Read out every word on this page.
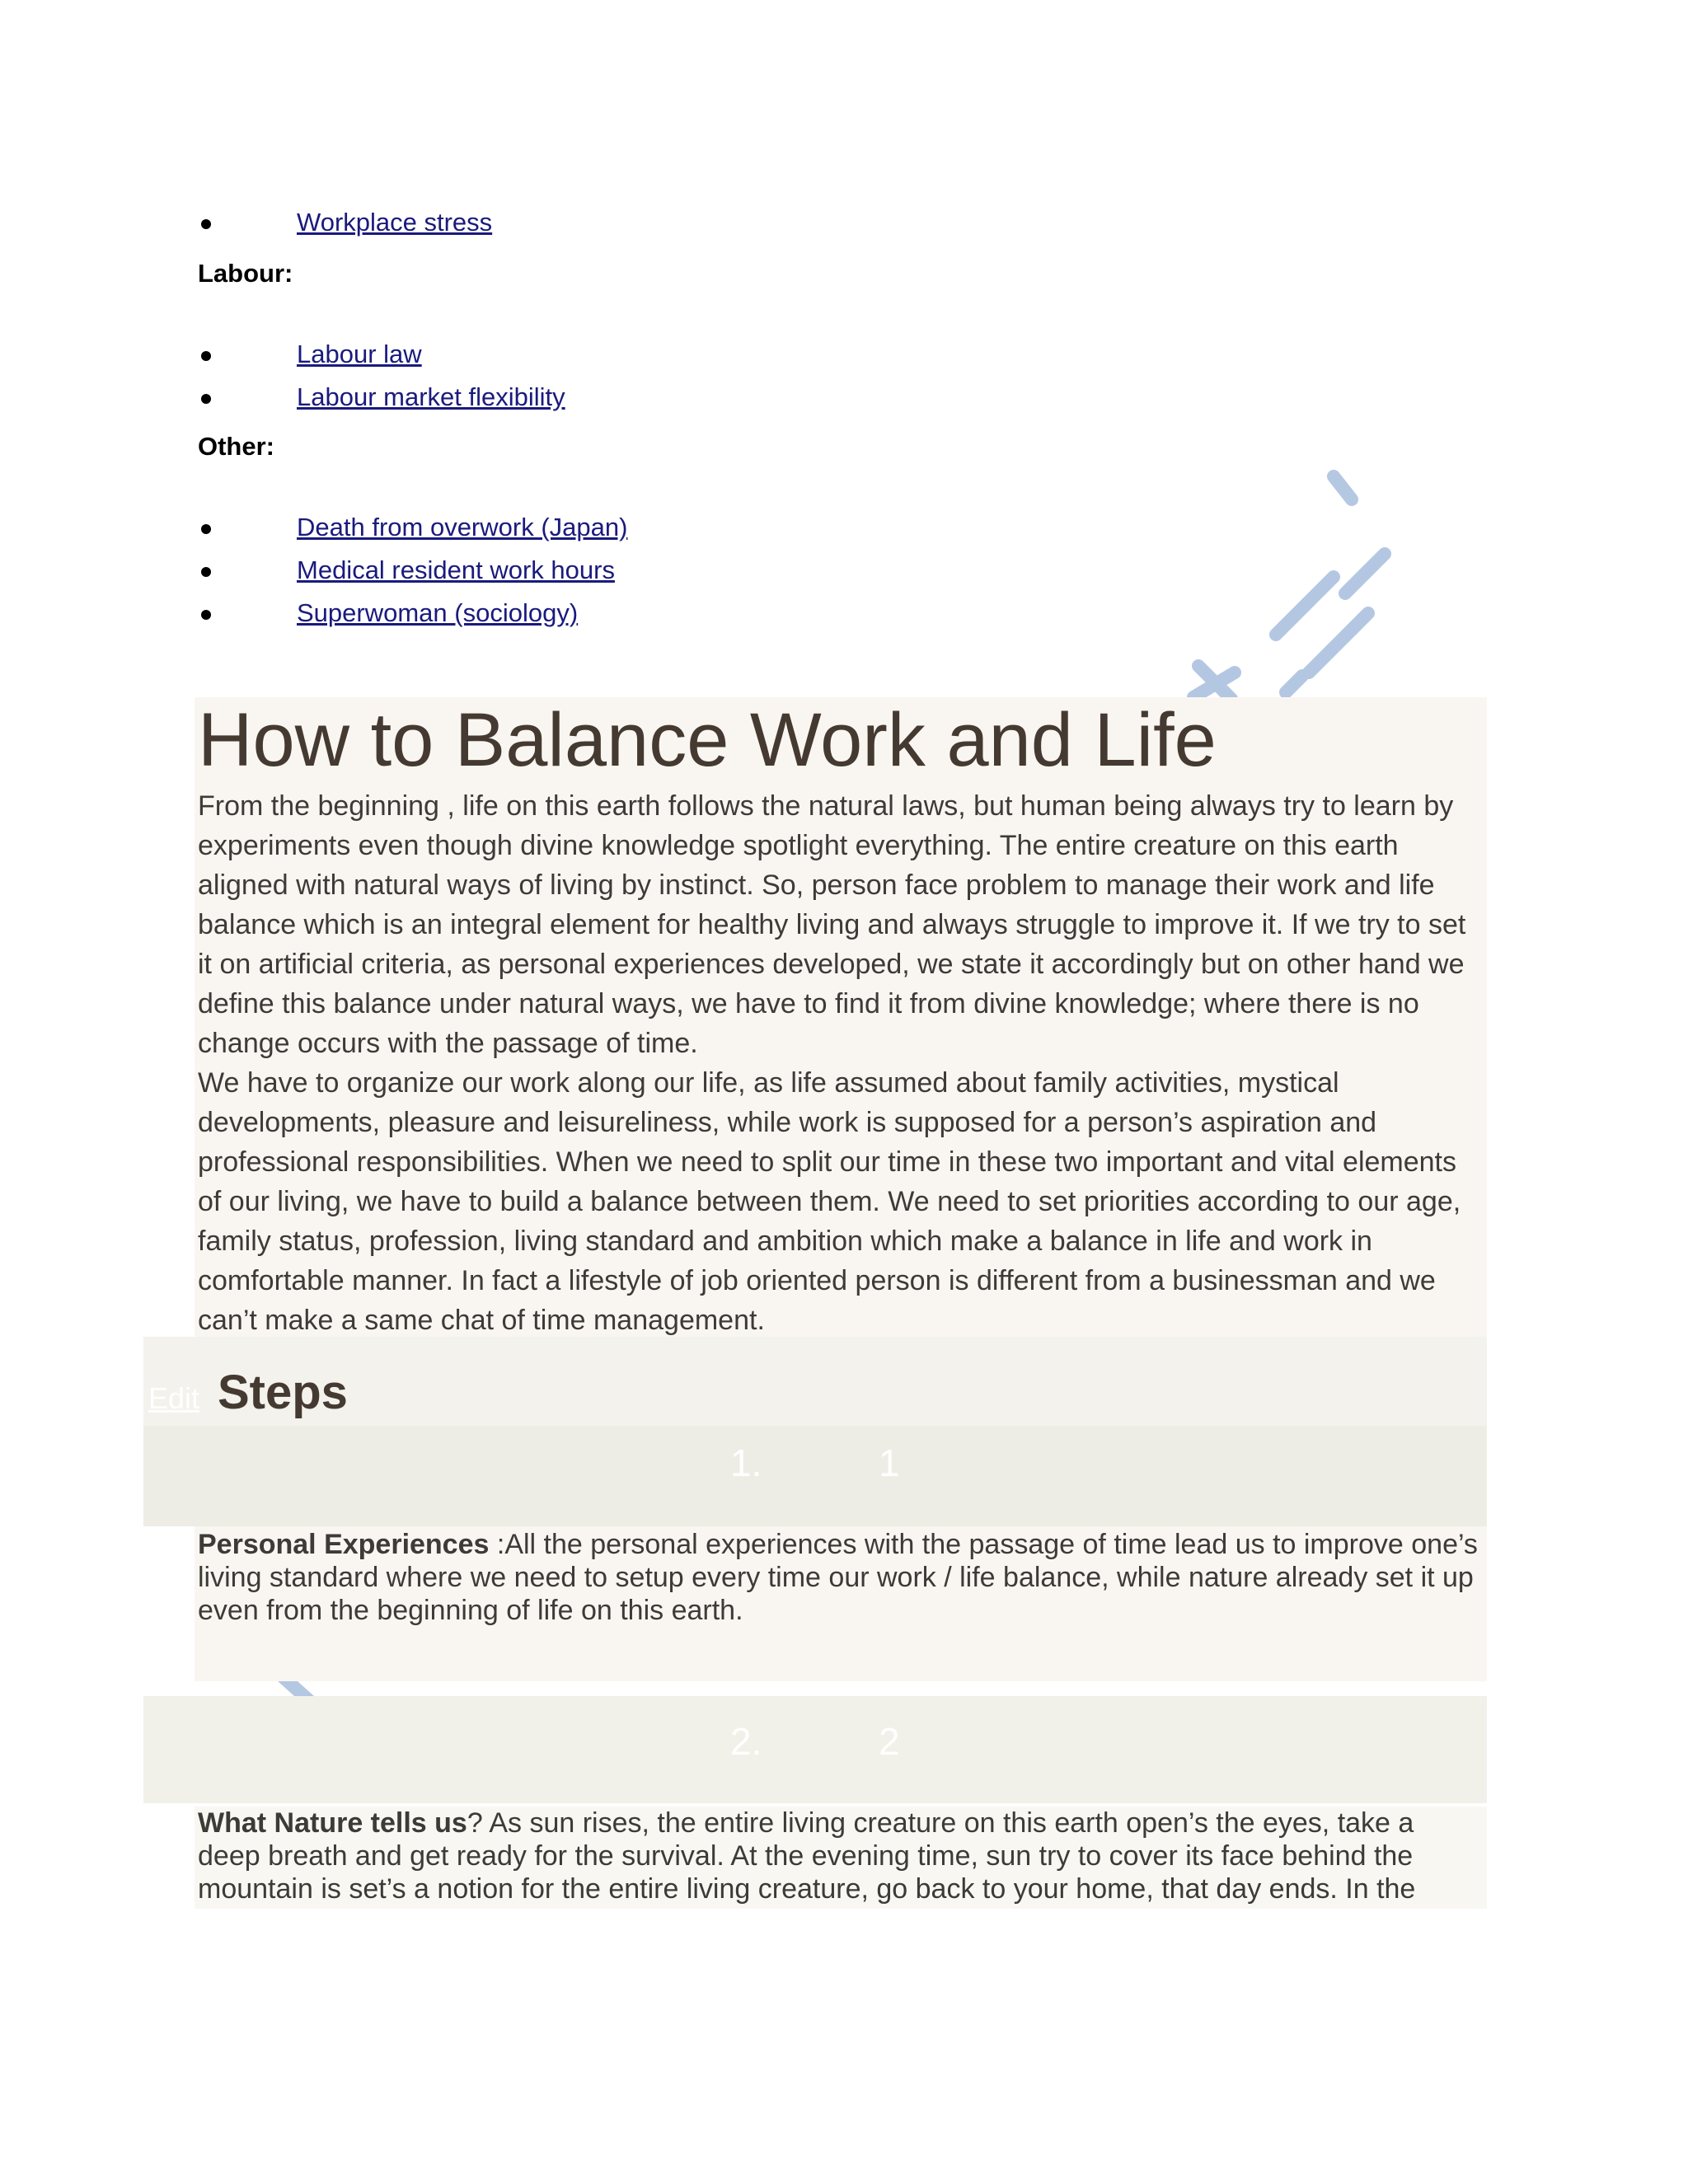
Workplace stress
Labour:
Labour law
Labour market flexibility
Other:
Death from overwork (Japan)
Medical resident work hours
Superwoman (sociology)
How to Balance Work and Life

From the beginning , life on this earth follows the natural laws, but human being always try to learn by experiments even though divine knowledge spotlight everything. The entire creature on this earth aligned with natural ways of living by instinct. So, person face problem to manage their work and life balance which is an integral element for healthy living and always struggle to improve it. If we try to set it on artificial criteria, as personal experiences developed, we state it accordingly but on other hand we define this balance under natural ways, we have to find it from divine knowledge; where there is no change occurs with the passage of time.

We have to organize our work along our life, as life assumed about family activities, mystical developments, pleasure and leisureliness, while work is supposed for a person’s aspiration and professional responsibilities. When we need to split our time in these two important and vital elements of our living, we have to build a balance between them. We need to set priorities according to our age, family status, profession, living standard and ambition which make a balance in life and work in comfortable manner. In fact a lifestyle of job oriented person is different from a businessman and we can’t make a same chat of time management.

Edit Steps
1.	1

Personal Experiences :All the personal experiences with the passage of time lead us to improve one’s living standard where we need to setup every time our work / life balance, while nature already set it up even from the beginning of life on this earth.

2.	2

What Nature tells us? As sun rises, the entire living creature on this earth open’s the eyes, take a deep breath and get ready for the survival. At the evening time, sun try to cover its face behind the mountain is set’s a notion for the entire living creature, go back to your home, that day ends. In the
